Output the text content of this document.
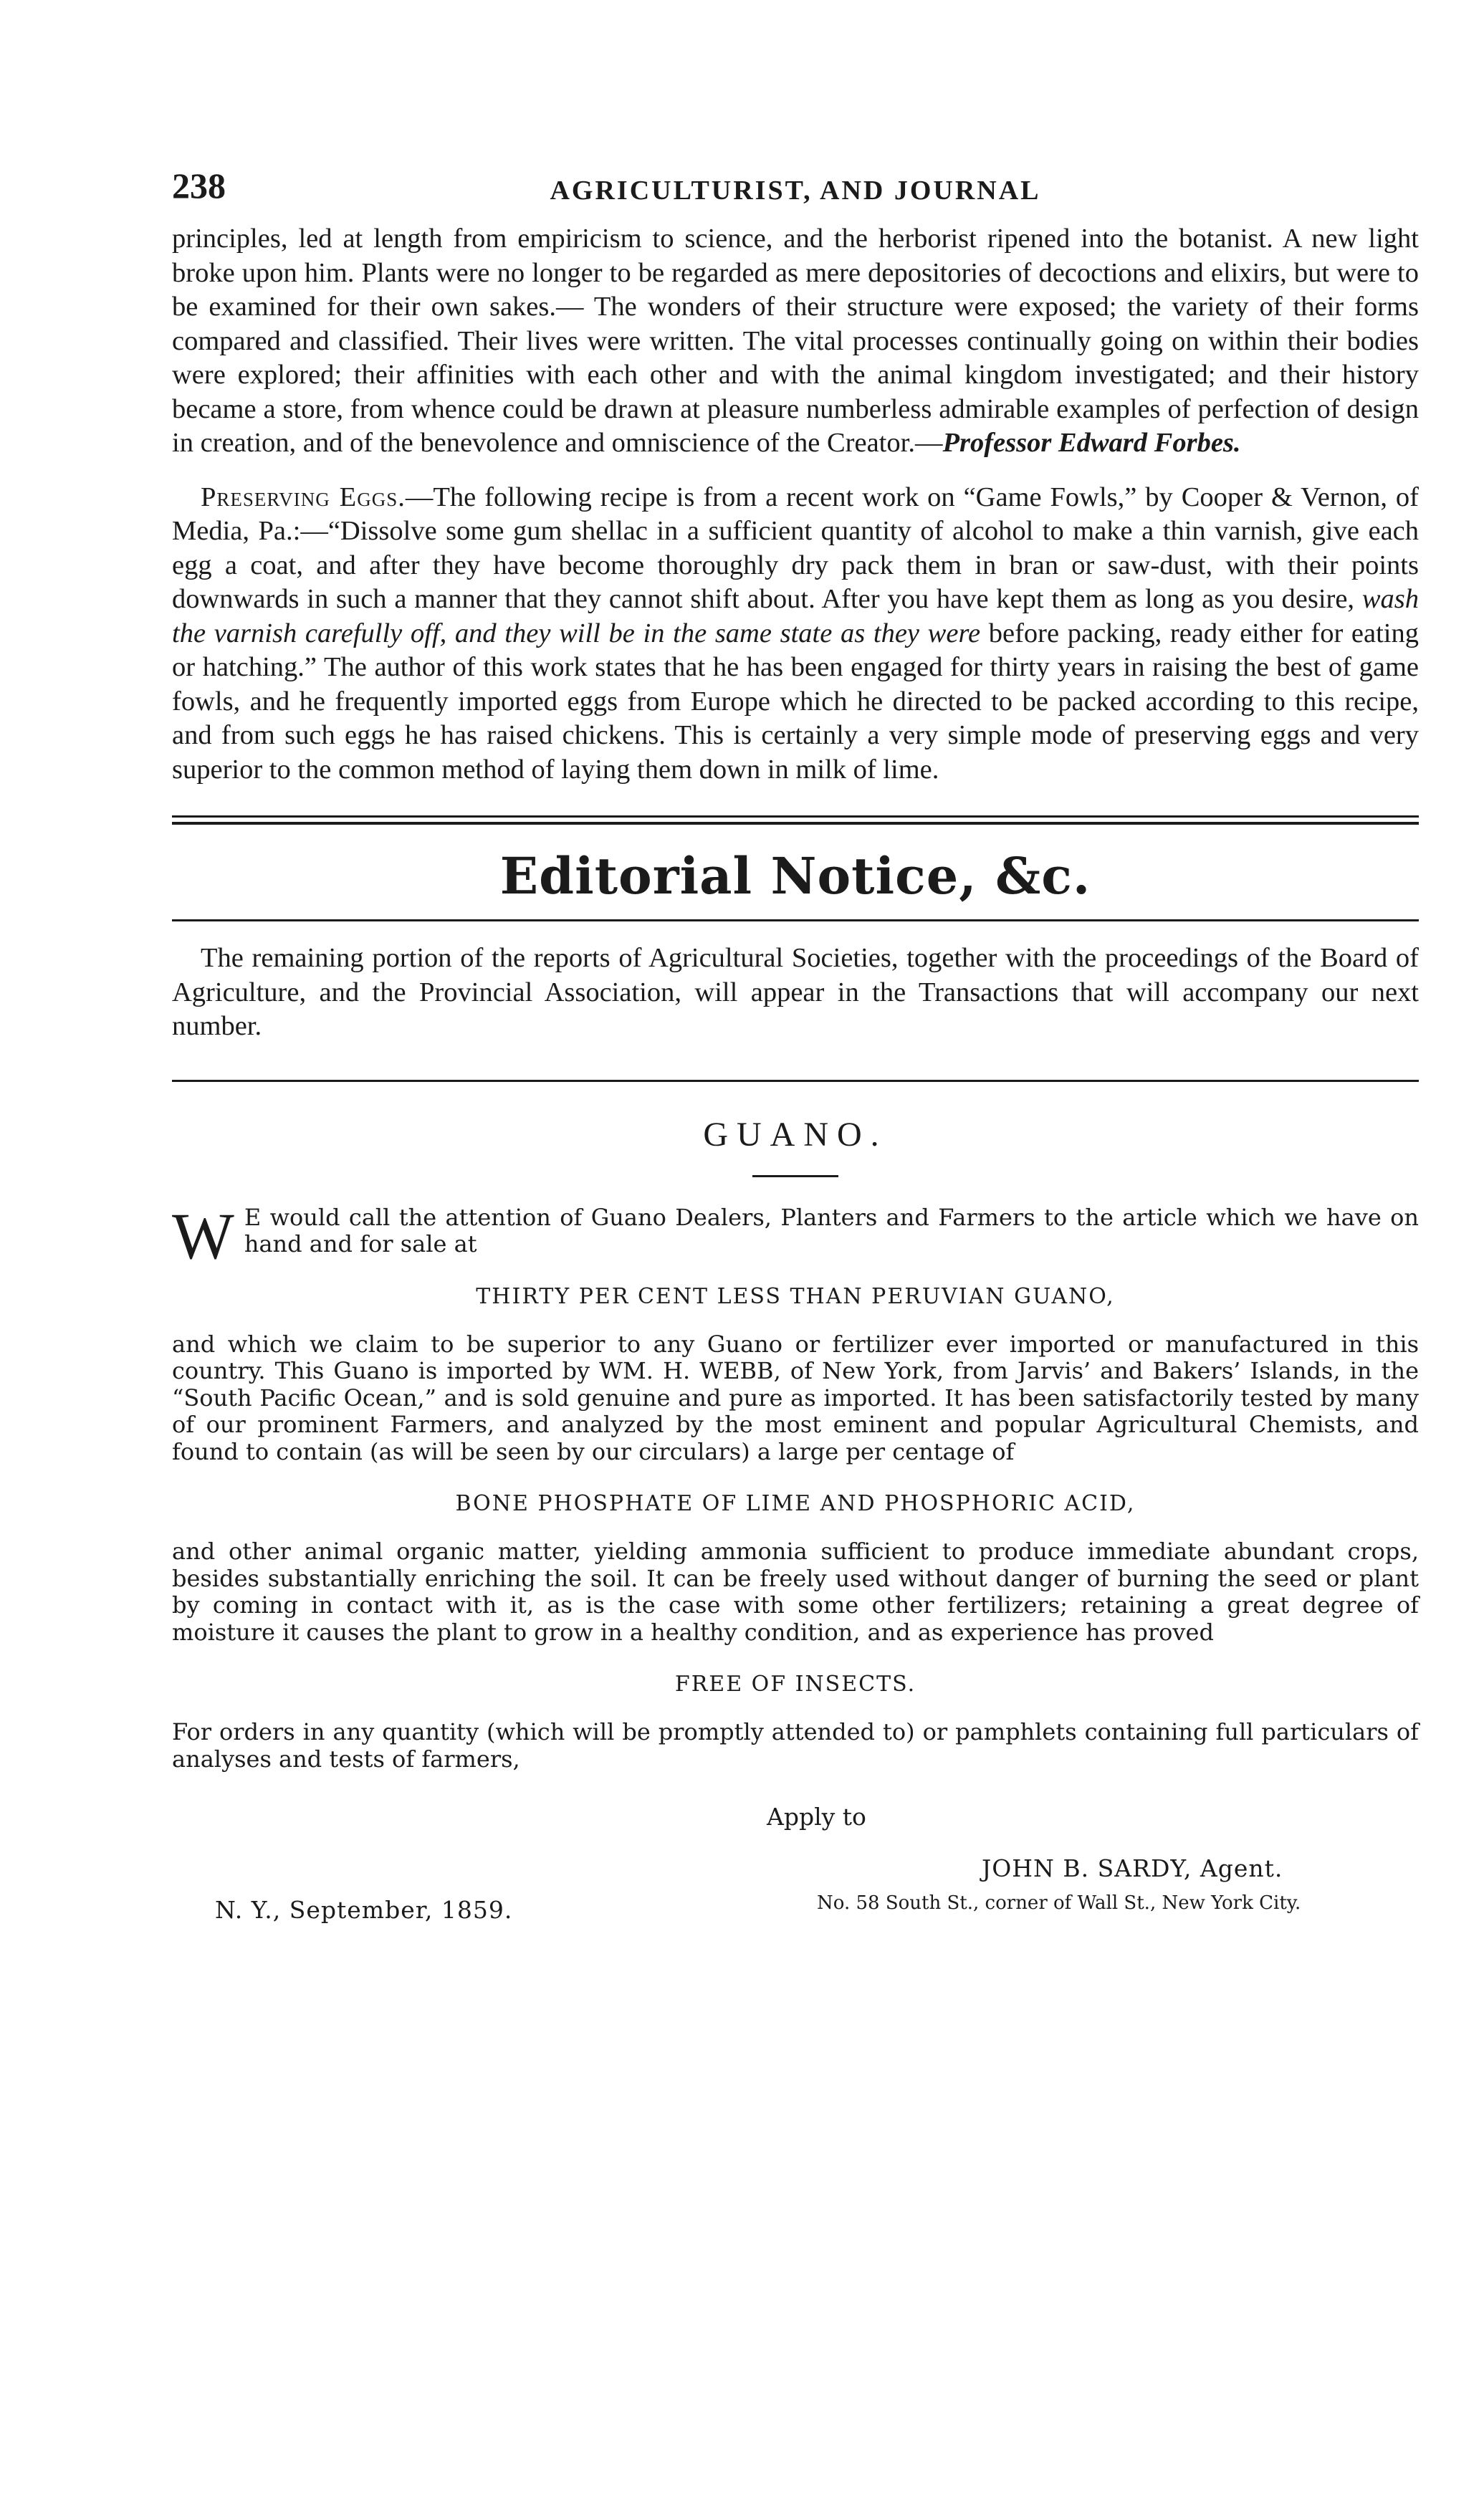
238	AGRICULTURIST, AND JOURNAL

principles, led at length from empiricism to science, and the herborist ripened into the botanist. A new light broke upon him. Plants were no longer to be regarded as mere depositories of decoctions and elixirs, but were to be examined for their own sakes.— The wonders of their structure were exposed; the variety of their forms compared and classified. Their lives were written. The vital processes continually going on within their bodies were explored; their affinities with each other and with the animal kingdom investigated; and their history became a store, from whence could be drawn at pleasure numberless admirable examples of perfection of design in creation, and of the benevolence and omniscience of the Creator.—Professor Edward Forbes.

Preserving Eggs.—The following recipe is from a recent work on “Game Fowls,” by Cooper & Vernon, of Media, Pa.:—“Dissolve some gum shellac in a sufficient quantity of alcohol to make a thin varnish, give each egg a coat, and after they have become thoroughly dry pack them in bran or saw-dust, with their points downwards in such a manner that they cannot shift about. After you have kept them as long as you desire, wash the varnish carefully off, and they will be in the same state as they were before packing, ready either for eating or hatching.” The author of this work states that he has been engaged for thirty years in raising the best of game fowls, and he frequently imported eggs from Europe which he directed to be packed according to this recipe, and from such eggs he has raised chickens. This is certainly a very simple mode of preserving eggs and very superior to the common method of laying them down in milk of lime.

Editorial Notice, &c.

The remaining portion of the reports of Agricultural Societies, together with the proceedings of the Board of Agriculture, and the Provincial Association, will appear in the Transactions that will accompany our next number.

GUANO.

W E would call the attention of Guano Dealers, Planters and Farmers to the article which we have on hand and for sale at

THIRTY PER CENT LESS THAN PERUVIAN GUANO,

and which we claim to be superior to any Guano or fertilizer ever imported or manufactured in this country. This Guano is imported by WM. H. WEBB, of New York, from Jarvis’ and Bakers’ Islands, in the “South Pacific Ocean,” and is sold genuine and pure as imported. It has been satisfactorily tested by many of our prominent Farmers, and analyzed by the most eminent and popular Agricultural Chemists, and found to contain (as will be seen by our circulars) a large per centage of

BONE PHOSPHATE OF LIME AND PHOSPHORIC ACID,

and other animal organic matter, yielding ammonia sufficient to produce immediate abundant crops, besides substantially enriching the soil. It can be freely used without danger of burning the seed or plant by coming in contact with it, as is the case with some other fertilizers; retaining a great degree of moisture it causes the plant to grow in a healthy condition, and as experience has proved

FREE OF INSECTS.

For orders in any quantity (which will be promptly attended to) or pamphlets containing full particulars of analyses and tests of farmers,

Apply to
JOHN B. SARDY, Agent.
No. 58 South St., corner of Wall St., New York City.
N. Y., September, 1859.
